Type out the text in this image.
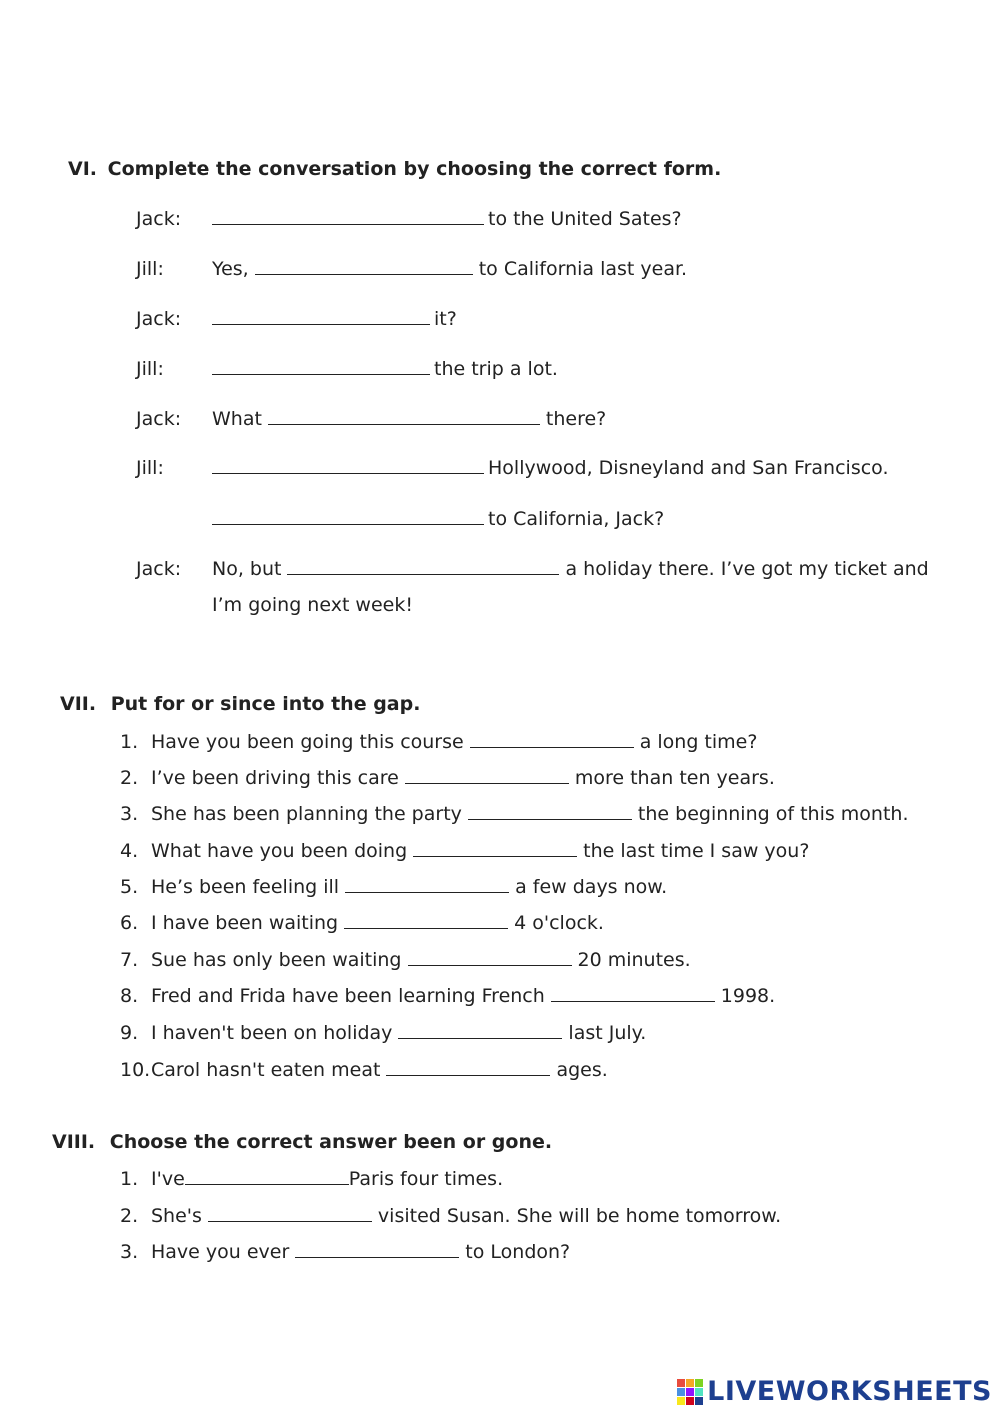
VI. Complete the conversation by choosing the correct form.
Jack:	to the United Sates?
Jill:	Yes,	to California last year.
Jack:	it?
Jill:	the trip a lot.
Jack: What	there?
Jill:	Hollywood, Disneyland and San Francisco.
to California, Jack?
Jack: No, but	a holiday there. I’ve got my ticket and
I’m going next week!
VII. Put for or since into the gap.
1. Have you been going this course	a long time?
2. I’ve been driving this care	more than ten years.
3. She has been planning the party	the beginning of this month.
4. What have you been doing	the last time I saw you?
5. He’s been feeling ill	a few days now.
6. I have been waiting	4 o'clock.
7. Sue has only been waiting	20 minutes.
8. Fred and Frida have been learning French	1998.
9. I haven't been on holiday	last July.
10. Carol hasn't eaten meat	ages.
VIII. Choose the correct answer been or gone.
1. I've	Paris four times.
2. She's	visited Susan. She will be home tomorrow.
3. Have you ever	to London?
LIVEWORKSHEETS
